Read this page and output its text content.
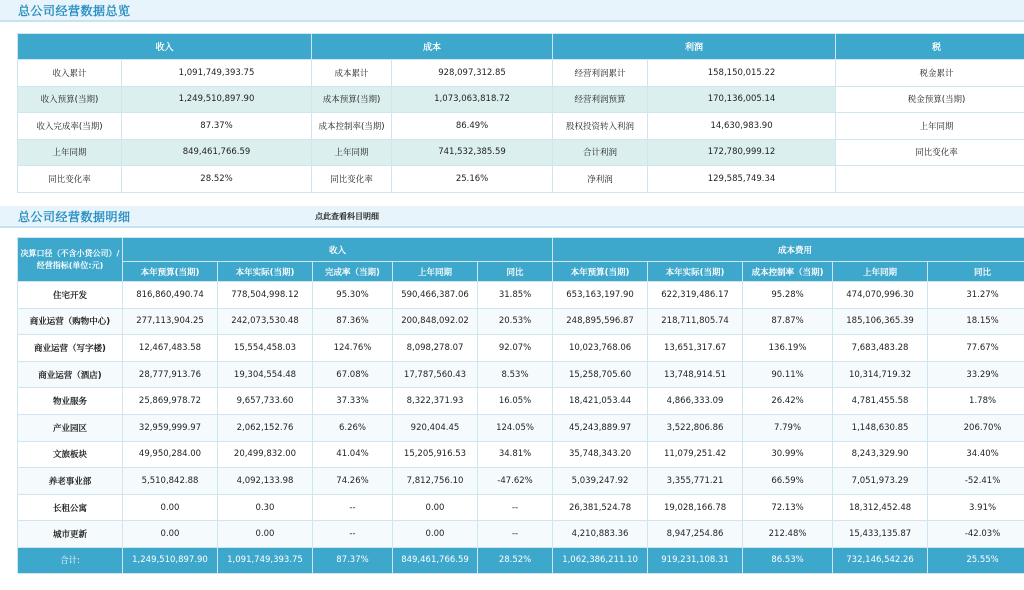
总公司经营数据总览
收入		成本		利润		税	
收入累计	1,091,749,393.75	成本累计	928,097,312.85	经营利润累计	158,150,015.22	税金累计	
收入预算(当期)	1,249,510,897.90	成本预算(当期)	1,073,063,818.72	经营利润预算	170,136,005.14	税金预算(当期)	
收入完成率(当期)	87.37%	成本控制率(当期)	86.49%	股权投资转入利润	14,630,983.90	上年同期	
上年同期	849,461,766.59	上年同期	741,532,385.59	合计利润	172,780,999.12	同比变化率	
同比变化率	28.52%	同比变化率	25.16%	净利润	129,585,749.34		
总公司经营数据明细	点此查看科目明细
决算口径（不含小贷公司）/经营指标(单位:元)	收入					成本费用				
	本年预算(当期)	本年实际(当期)	完成率（当期)	上年同期	同比	本年预算(当期)	本年实际(当期)	成本控制率（当期)	上年同期	同比
住宅开发	816,860,490.74	778,504,998.12	95.30%	590,466,387.06	31.85%	653,163,197.90	622,319,486.17	95.28%	474,070,996.30	31.27%
商业运营（购物中心)	277,113,904.25	242,073,530.48	87.36%	200,848,092.02	20.53%	248,895,596.87	218,711,805.74	87.87%	185,106,365.39	18.15%
商业运营（写字楼)	12,467,483.58	15,554,458.03	124.76%	8,098,278.07	92.07%	10,023,768.06	13,651,317.67	136.19%	7,683,483.28	77.67%
商业运营（酒店)	28,777,913.76	19,304,554.48	67.08%	17,787,560.43	8.53%	15,258,705.60	13,748,914.51	90.11%	10,314,719.32	33.29%
物业服务	25,869,978.72	9,657,733.60	37.33%	8,322,371.93	16.05%	18,421,053.44	4,866,333.09	26.42%	4,781,455.58	1.78%
产业园区	32,959,999.97	2,062,152.76	6.26%	920,404.45	124.05%	45,243,889.97	3,522,806.86	7.79%	1,148,630.85	206.70%
文旅板块	49,950,284.00	20,499,832.00	41.04%	15,205,916.53	34.81%	35,748,343.20	11,079,251.42	30.99%	8,243,329.90	34.40%
养老事业部	5,510,842.88	4,092,133.98	74.26%	7,812,756.10	-47.62%	5,039,247.92	3,355,771.21	66.59%	7,051,973.29	-52.41%
长租公寓	0.00	0.30	--	0.00	--	26,381,524.78	19,028,166.78	72.13%	18,312,452.48	3.91%
城市更新	0.00	0.00	--	0.00	--	4,210,883.36	8,947,254.86	212.48%	15,433,135.87	-42.03%
合计:	1,249,510,897.90	1,091,749,393.75	87.37%	849,461,766.59	28.52%	1,062,386,211.10	919,231,108.31	86.53%	732,146,542.26	25.55%
